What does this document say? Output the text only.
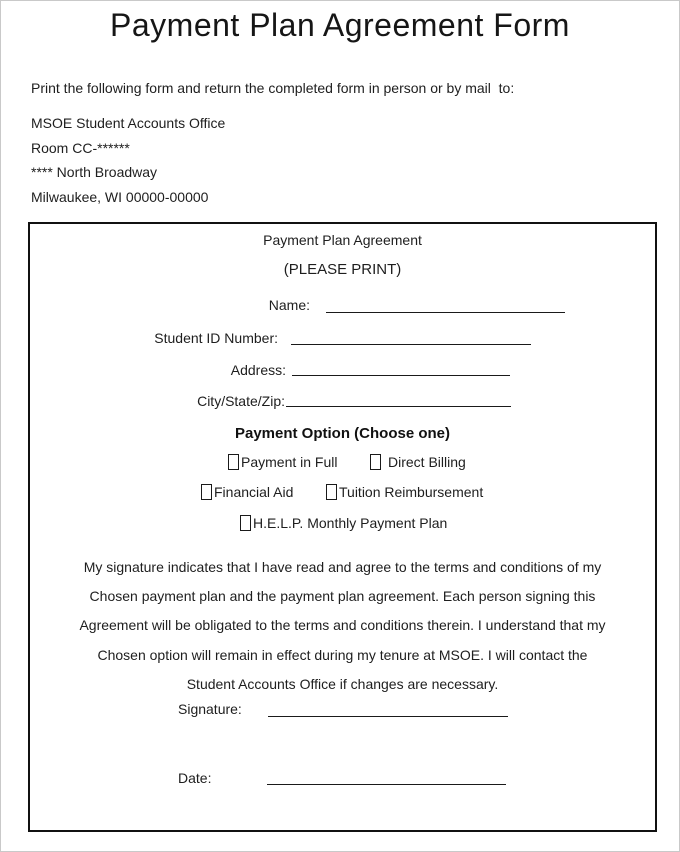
Payment Plan Agreement Form

Print the following form and return the completed form in person or by mail  to:

MSOE Student Accounts Office
Room CC-******
**** North Broadway
Milwaukee, WI 00000-00000
Payment Plan Agreement
(PLEASE PRINT)
Name:
Student ID Number:
Address:
City/State/Zip:
Payment Option (Choose one)
Payment in Full	Direct Billing
Financial Aid	Tuition Reimbursement
H.E.L.P. Monthly Payment Plan
My signature indicates that I have read and agree to the terms and conditions of my
Chosen payment plan and the payment plan agreement. Each person signing this
Agreement will be obligated to the terms and conditions therein. I understand that my
Chosen option will remain in effect during my tenure at MSOE. I will contact the
Student Accounts Office if changes are necessary.
Signature:
Date:
